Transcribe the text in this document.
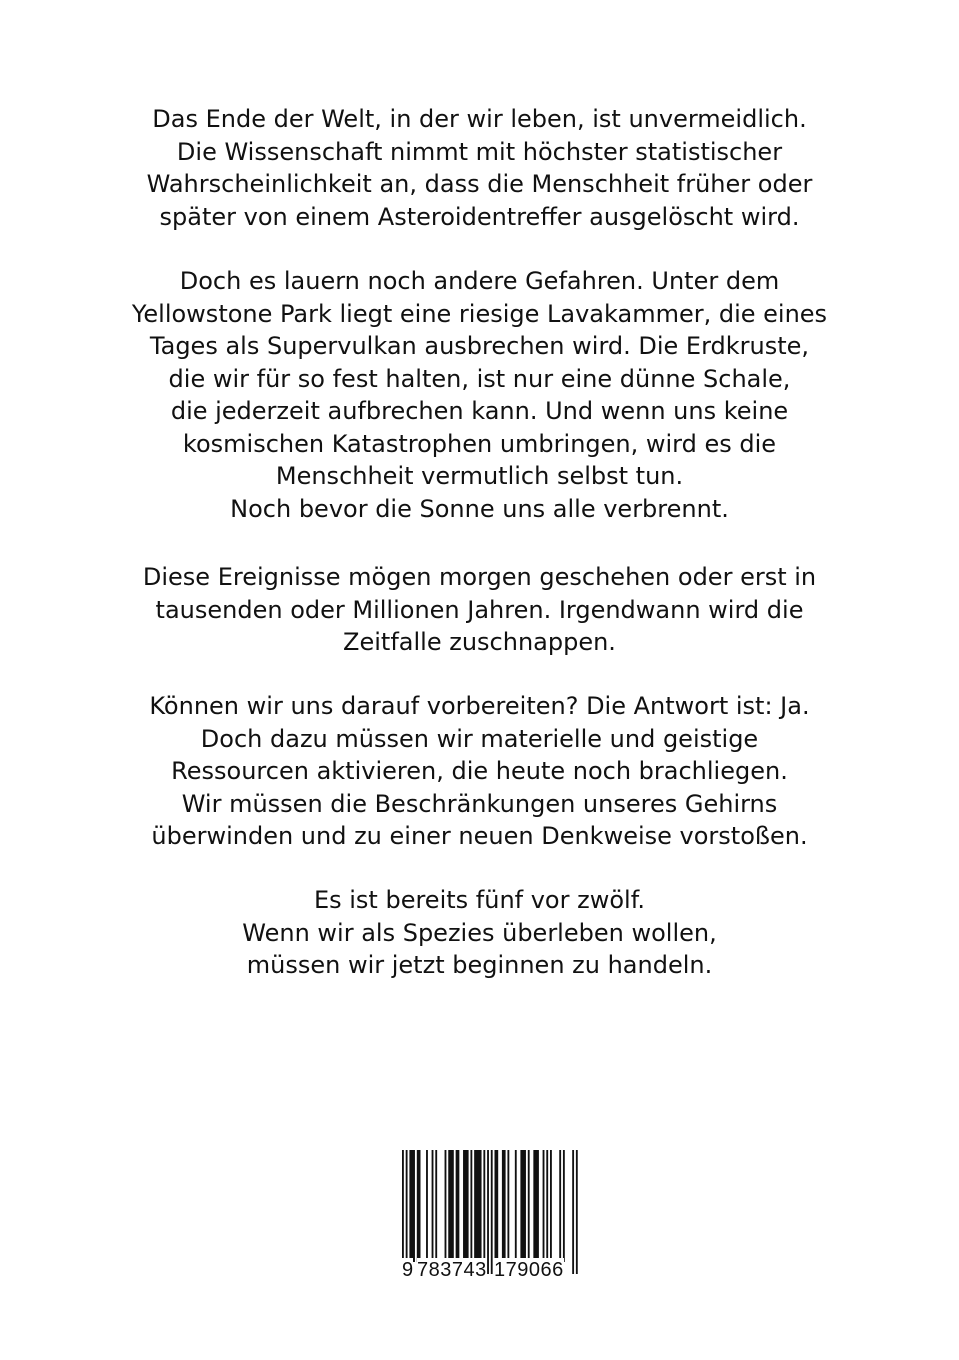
Das Ende der Welt, in der wir leben, ist unvermeidlich.
Die Wissenschaft nimmt mit höchster statistischer
Wahrscheinlichkeit an, dass die Menschheit früher oder
später von einem Asteroidentreffer ausgelöscht wird.
Doch es lauern noch andere Gefahren. Unter dem
Yellowstone Park liegt eine riesige Lavakammer, die eines
Tages als Supervulkan ausbrechen wird. Die Erdkruste,
die wir für so fest halten, ist nur eine dünne Schale,
die jederzeit aufbrechen kann. Und wenn uns keine
kosmischen Katastrophen umbringen, wird es die
Menschheit vermutlich selbst tun.
Noch bevor die Sonne uns alle verbrennt.
Diese Ereignisse mögen morgen geschehen oder erst in
tausenden oder Millionen Jahren. Irgendwann wird die
Zeitfalle zuschnappen.
Können wir uns darauf vorbereiten? Die Antwort ist: Ja.
Doch dazu müssen wir materielle und geistige
Ressourcen aktivieren, die heute noch brachliegen.
Wir müssen die Beschränkungen unseres Gehirns
überwinden und zu einer neuen Denkweise vorstoßen.
Es ist bereits fünf vor zwölf.
Wenn wir als Spezies überleben wollen,
müssen wir jetzt beginnen zu handeln.
9 783743 179066
